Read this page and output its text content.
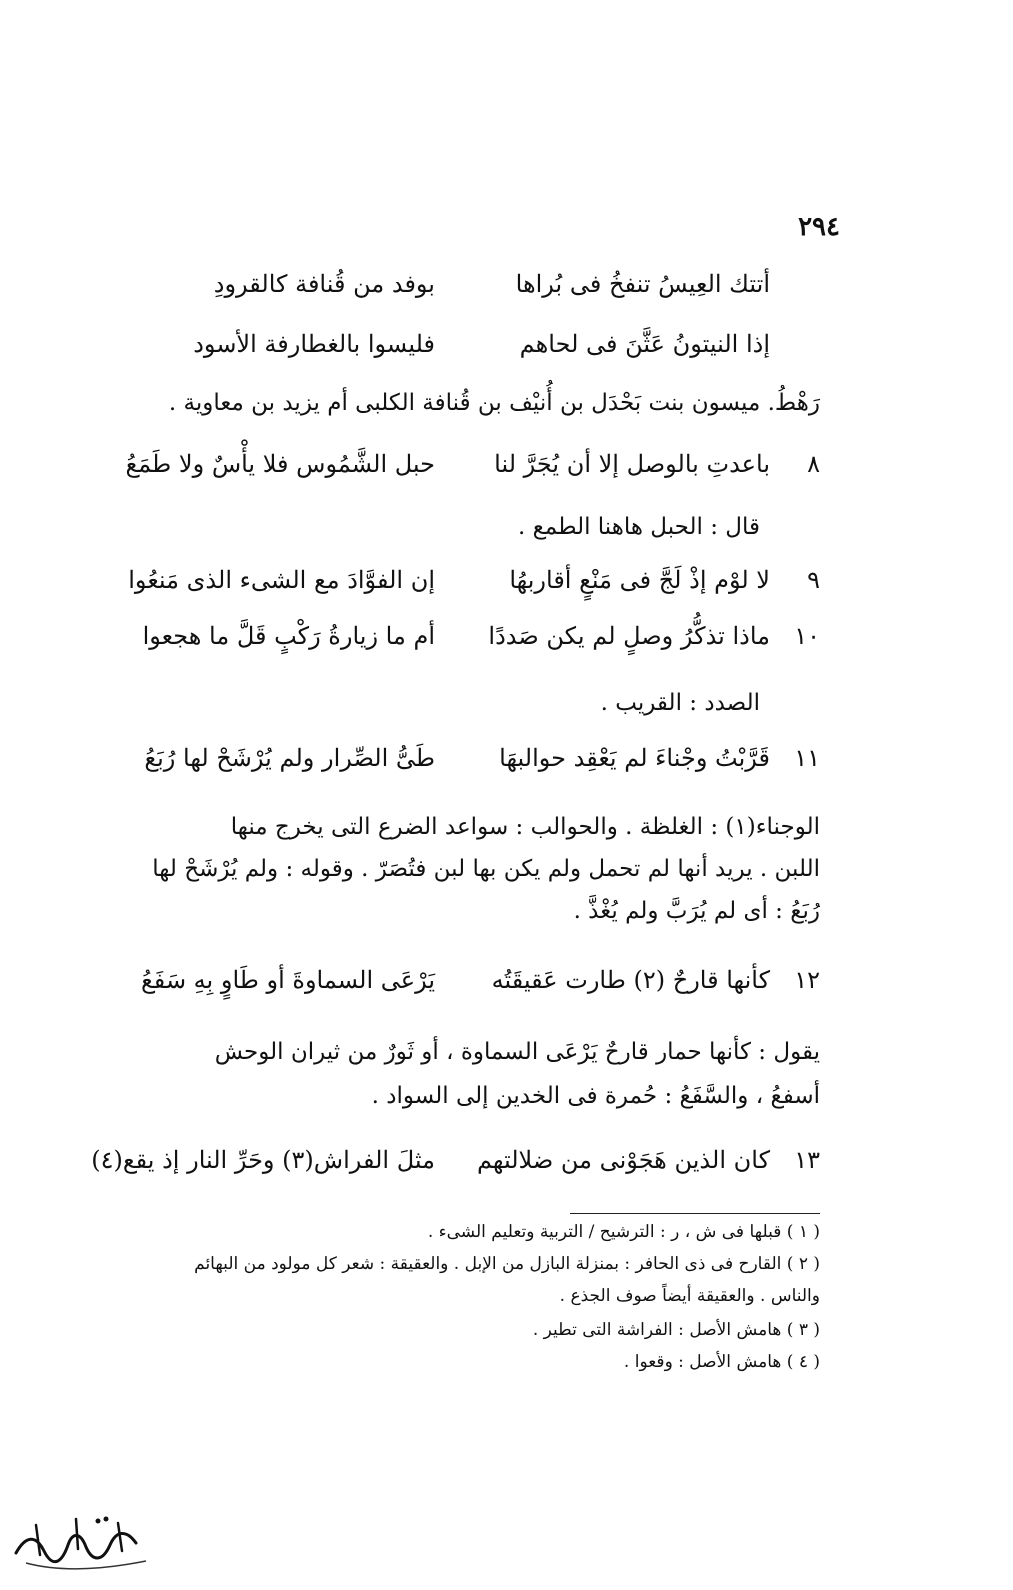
٢٩٤
أتتك العِيسُ تنفخُ فى بُراها
بوفد من قُنافة كالقرودِ
إذا النيتونُ عَثَّنَ فى لحاهم
فليسوا بالغطارفة الأسود
رَهْطُ. ميسون بنت بَحْدَل بن أُنيْف بن قُنافة الكلبى أم يزيد بن معاوية .
٨
باعدتِ بالوصل إلا أن يُجَرَّ لنا
حبل الشَّمُوس فلا يأْسٌ ولا طَمَعُ
قال : الحبل هاهنا الطمع .
٩
لا لوْم إذْ لَجَّ فى مَنْعٍ أقاربهُا
إن الفوَّادَ مع الشىء الذى مَنعُوا
١٠
ماذا تذكُّرُ وصلٍ لم يكن صَددًا
أم ما زيارةُ رَكْبٍ قَلَّ ما هجعوا
الصدد : القريب .
١١
قَرَّبْتُ وجْناءَ لم يَعْقِد حوالبهَا
طَىُّ الصِّرار ولم يُرْشَحْ لها رُبَعُ
الوجناء(١) : الغلظة . والحوالب : سواعد الضرع التى يخرج منها
اللبن . يريد أنها لم تحمل ولم يكن بها لبن فتُصَرّ . وقوله : ولم يُرْشَحْ لها
رُبَعُ : أى لم يُرَبَّ ولم يُغْذَّ .
١٢
كأنها قارحٌ (٢) طارت عَقيقَتُه
يَرْعَى السماوةَ أو طَاوٍ بِهِ سَفَعُ
يقول : كأنها حمار قارحٌ يَرْعَى السماوة ، أو ثَورٌ من ثيران الوحش
أسفعُ ، والسَّفَعُ : حُمرة فى الخدين إلى السواد .
١٣
كان الذين هَجَوْنى من ضلالتهم
مثلَ الفراش(٣) وحَرِّ النار إذ يقع(٤)
( ١ ) قبلها فى ش ، ر : الترشيح / التربية وتعليم الشىء .
( ٢ ) القارح فى ذى الحافر : بمنزلة البازل من الإبل . والعقيقة : شعر كل مولود من البهائم
والناس . والعقيقة أيضاً صوف الجذع .
( ٣ ) هامش الأصل : الفراشة التى تطير .
( ٤ ) هامش الأصل : وقعوا .
